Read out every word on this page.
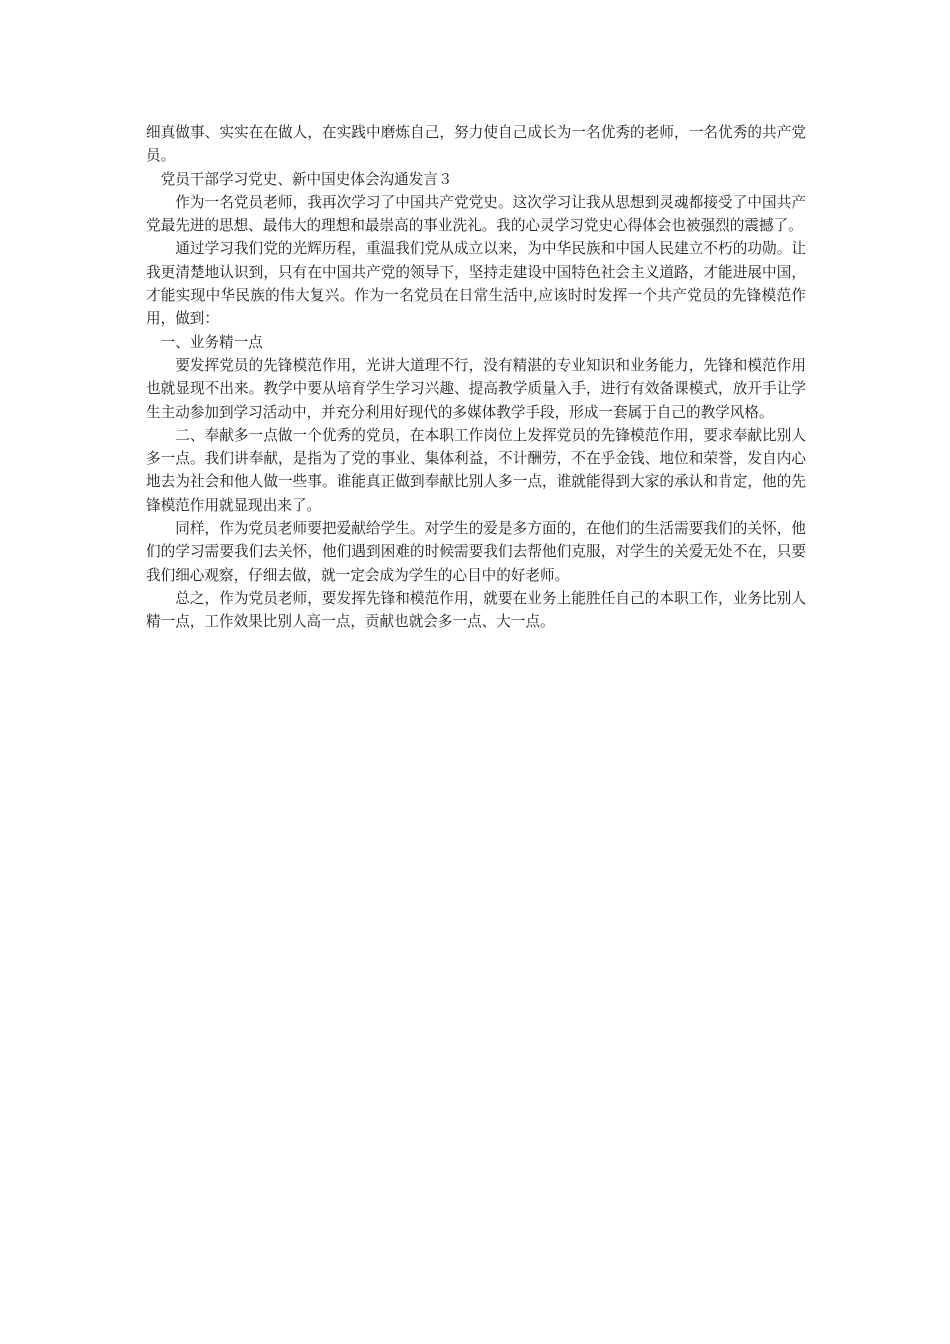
细真做事、实实在在做人，在实践中磨炼自己，努力使自己成长为一名优秀的老师，一名优秀的共产党员。

党员干部学习党史、新中国史体会沟通发言３

作为一名党员老师，我再次学习了中国共产党党史。这次学习让我从思想到灵魂都接受了中国共产党最先进的思想、最伟大的理想和最崇高的事业洗礼。我的心灵学习党史心得体会也被强烈的震撼了。

通过学习我们党的光辉历程，重温我们党从成立以来，为中华民族和中国人民建立不朽的功勋。让我更清楚地认识到，只有在中国共产党的领导下，坚持走建设中国特色社会主义道路，才能进展中国，才能实现中华民族的伟大复兴。作为一名党员在日常生活中,应该时时发挥一个共产党员的先锋模范作用，做到：

一、业务精一点

要发挥党员的先锋模范作用，光讲大道理不行，没有精湛的专业知识和业务能力，先锋和模范作用也就显现不出来。教学中要从培育学生学习兴趣、提高教学质量入手，进行有效备课模式，放开手让学生主动参加到学习活动中，并充分利用好现代的多媒体教学手段，形成一套属于自己的教学风格。

二、奉献多一点做一个优秀的党员，在本职工作岗位上发挥党员的先锋模范作用，要求奉献比别人多一点。我们讲奉献，是指为了党的事业、集体利益，不计酬劳，不在乎金钱、地位和荣誉，发自内心地去为社会和他人做一些事。谁能真正做到奉献比别人多一点，谁就能得到大家的承认和肯定，他的先锋模范作用就显现出来了。

同样，作为党员老师要把爱献给学生。对学生的爱是多方面的，在他们的生活需要我们的关怀，他们的学习需要我们去关怀，他们遇到困难的时候需要我们去帮他们克服，对学生的关爱无处不在，只要我们细心观察，仔细去做，就一定会成为学生的心目中的好老师。

总之，作为党员老师，要发挥先锋和模范作用，就要在业务上能胜任自己的本职工作，业务比别人精一点，工作效果比别人高一点，贡献也就会多一点、大一点。
